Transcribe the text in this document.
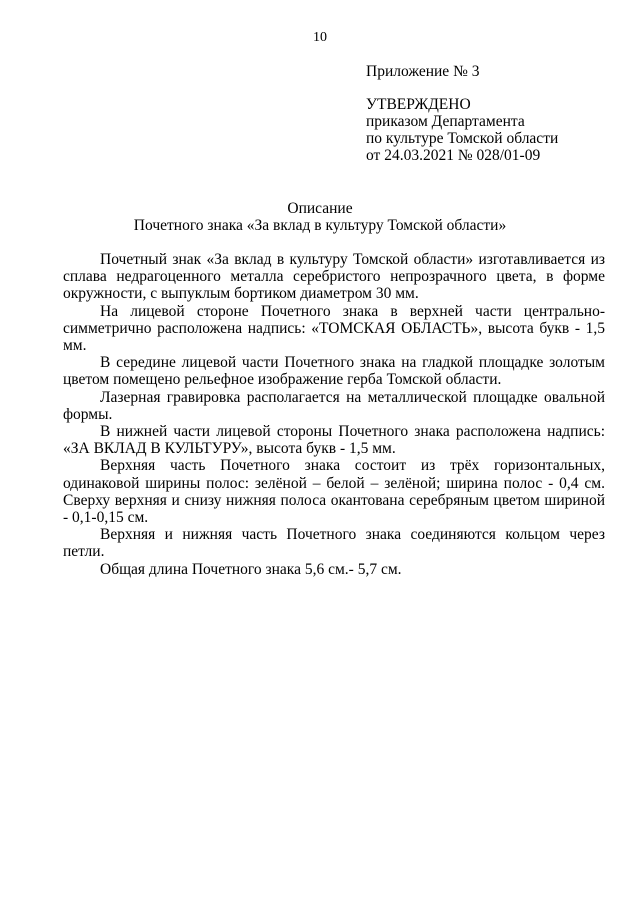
10
Приложение № 3
УТВЕРЖДЕНО
приказом Департамента
по культуре Томской области
от 24.03.2021 № 028/01-09
Описание
Почетного знака «За вклад в культуру Томской области»

Почетный знак «За вклад в культуру Томской области» изготавливается из сплава недрагоценного металла серебристого непрозрачного цвета, в форме окружности, с выпуклым бортиком диаметром 30 мм.

На лицевой стороне Почетного знака в верхней части центрально-симметрично расположена надпись: «ТОМСКАЯ ОБЛАСТЬ», высота букв - 1,5 мм.

В середине лицевой части Почетного знака на гладкой площадке золотым цветом помещено рельефное изображение герба Томской области.

Лазерная гравировка располагается на металлической площадке овальной формы.

В нижней части лицевой стороны Почетного знака расположена надпись: «ЗА ВКЛАД В КУЛЬТУРУ», высота букв - 1,5 мм.

Верхняя часть Почетного знака состоит из трёх горизонтальных, одинаковой ширины полос: зелёной – белой – зелёной; ширина полос - 0,4 см. Сверху верхняя и снизу нижняя полоса окантована серебряным цветом шириной - 0,1-0,15 см.

Верхняя и нижняя часть Почетного знака соединяются кольцом через петли.

Общая длина Почетного знака 5,6 см.- 5,7 см.
